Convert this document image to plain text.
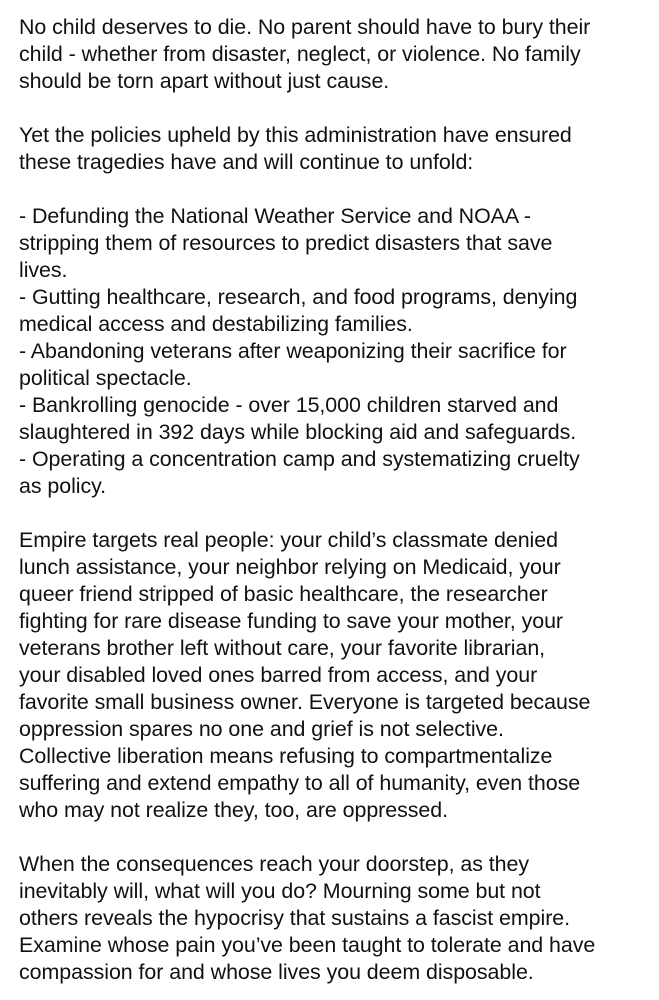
No child deserves to die. No parent should have to bury their
child - whether from disaster, neglect, or violence. No family
should be torn apart without just cause.
Yet the policies upheld by this administration have ensured
these tragedies have and will continue to unfold:
- Defunding the National Weather Service and NOAA -
stripping them of resources to predict disasters that save
lives.
- Gutting healthcare, research, and food programs, denying
medical access and destabilizing families.
- Abandoning veterans after weaponizing their sacrifice for
political spectacle.
- Bankrolling genocide - over 15,000 children starved and
slaughtered in 392 days while blocking aid and safeguards.
- Operating a concentration camp and systematizing cruelty
as policy.
Empire targets real people: your child’s classmate denied
lunch assistance, your neighbor relying on Medicaid, your
queer friend stripped of basic healthcare, the researcher
fighting for rare disease funding to save your mother, your
veterans brother left without care, your favorite librarian,
your disabled loved ones barred from access, and your
favorite small business owner. Everyone is targeted because
oppression spares no one and grief is not selective.
Collective liberation means refusing to compartmentalize
suffering and extend empathy to all of humanity, even those
who may not realize they, too, are oppressed.
When the consequences reach your doorstep, as they
inevitably will, what will you do? Mourning some but not
others reveals the hypocrisy that sustains a fascist empire.
Examine whose pain you’ve been taught to tolerate and have
compassion for and whose lives you deem disposable.
